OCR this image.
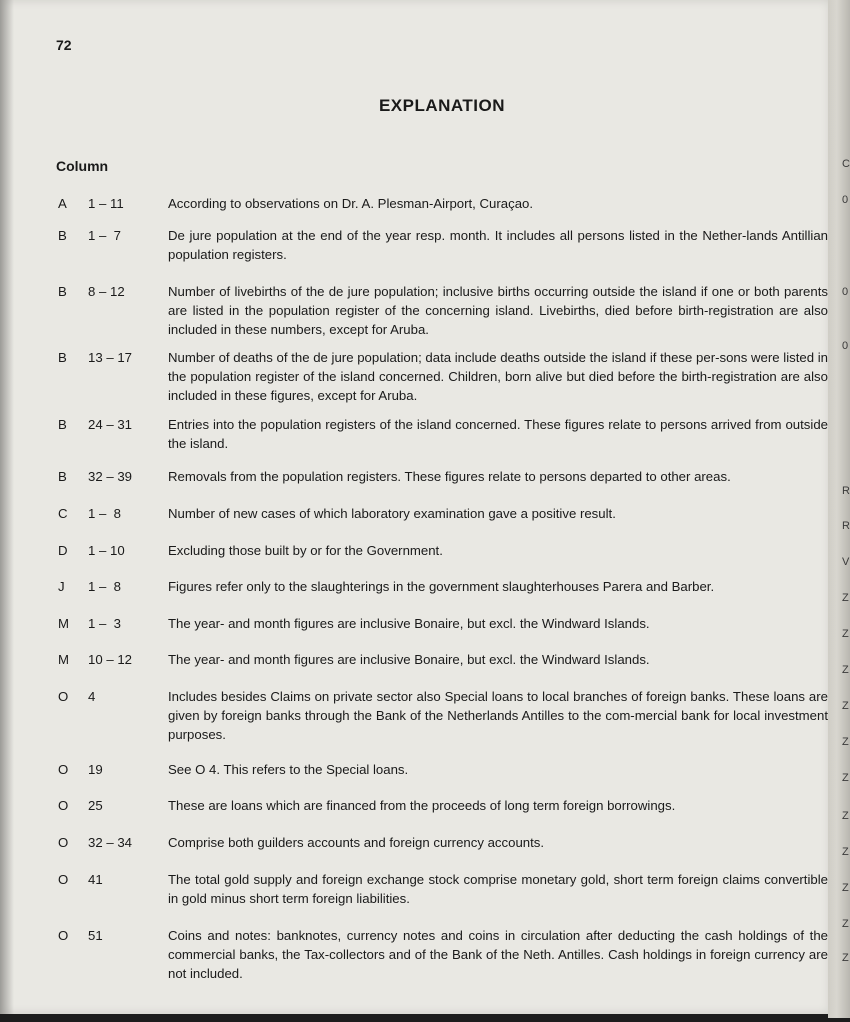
72
EXPLANATION
Column
A 1 – 11	According to observations on Dr. A. Plesman-Airport, Curaçao.
B 1 –  7	De jure population at the end of the year resp. month. It includes all persons listed in the Nether-lands Antillian population registers.
B 8 – 12	Number of livebirths of the de jure population; inclusive births occurring outside the island if one or both parents are listed in the population register of the concerning island. Livebirths, died before birth-registration are also included in these numbers, except for Aruba.
B 13 – 17	Number of deaths of the de jure population; data include deaths outside the island if these per-sons were listed in the population register of the island concerned. Children, born alive but died before the birth-registration are also included in these figures, except for Aruba.
B 24 – 31	Entries into the population registers of the island concerned. These figures relate to persons arrived from outside the island.
B 32 – 39	Removals from the population registers. These figures relate to persons departed to other areas.
C 1 –  8	Number of new cases of which laboratory examination gave a positive result.
D 1 – 10	Excluding those built by or for the Government.
J 1 –  8	Figures refer only to the slaughterings in the government slaughterhouses Parera and Barber.
M 1 –  3	The year- and month figures are inclusive Bonaire, but excl. the Windward Islands.
M 10 – 12	The year- and month figures are inclusive Bonaire, but excl. the Windward Islands.
O 4	Includes besides Claims on private sector also Special loans to local branches of foreign banks. These loans are given by foreign banks through the Bank of the Netherlands Antilles to the com-mercial bank for local investment purposes.
O 19	See O 4. This refers to the Special loans.
O 25	These are loans which are financed from the proceeds of long term foreign borrowings.
O 32 – 34	Comprise both guilders accounts and foreign currency accounts.
O 41	The total gold supply and foreign exchange stock comprise monetary gold, short term foreign claims convertible in gold minus short term foreign liabilities.
O 51	Coins and notes: banknotes, currency notes and coins in circulation after deducting the cash holdings of the commercial banks, the Tax-collectors and of the Bank of the Neth. Antilles. Cash holdings in foreign currency are not included.
C
0
0
0
R
R
V
Z
Z
Z
Z
Z
Z
Z
Z
Z
Z
Z
